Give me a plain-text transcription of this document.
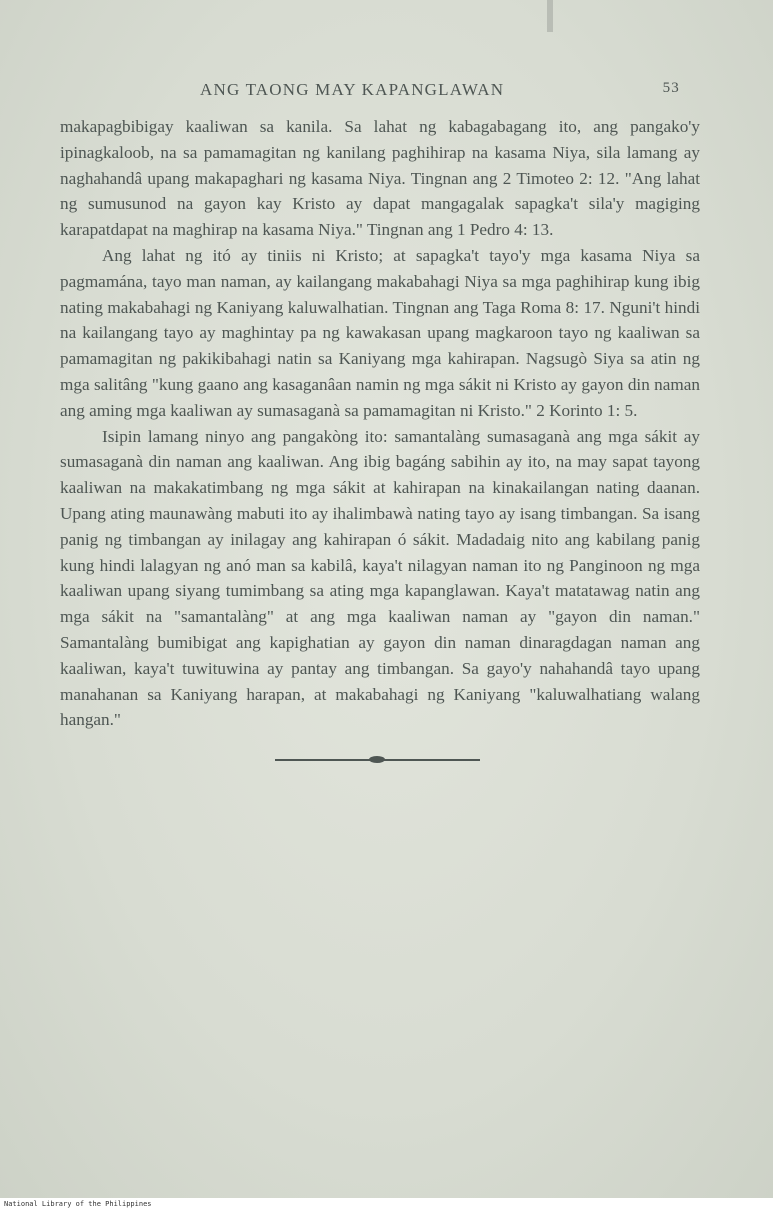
ANG TAONG MAY KAPANGLAWAN	53

makapagbibigay kaaliwan sa kanila. Sa lahat ng kabagabagang ito, ang pangako'y ipinagkaloob, na sa pamamagitan ng kanilang paghihirap na kasama Niya, sila lamang ay naghahandâ upang makapaghari ng kasama Niya. Tingnan ang 2 Timoteo 2: 12. "Ang lahat ng sumusunod na gayon kay Kristo ay dapat mangagalak sapagka't sila'y magiging karapatdapat na maghirap na kasama Niya." Tingnan ang 1 Pedro 4: 13.

Ang lahat ng itó ay tiniis ni Kristo; at sapagka't tayo'y mga kasama Niya sa pagmamána, tayo man naman, ay kailangang makabahagi Niya sa mga paghihirap kung ibig nating makabahagi ng Kaniyang kaluwalhatian. Tingnan ang Taga Roma 8: 17. Nguni't hindi na kailangang tayo ay maghintay pa ng kawakasan upang magkaroon tayo ng kaaliwan sa pamamagitan ng pakikibahagi natin sa Kaniyang mga kahirapan. Nagsugò Siya sa atin ng mga salitâng "kung gaano ang kasaganâan namin ng mga sákit ni Kristo ay gayon din naman ang aming mga kaaliwan ay sumasaganà sa pamamagitan ni Kristo." 2 Korinto 1: 5.

Isipin lamang ninyo ang pangakòng ito: samantalàng sumasaganà ang mga sákit ay sumasaganà din naman ang kaaliwan. Ang ibig bagáng sabihin ay ito, na may sapat tayong kaaliwan na makakatimbang ng mga sákit at kahirapan na kinakailangan nating daanan. Upang ating maunawàng mabuti ito ay ihalimbawà nating tayo ay isang timbangan. Sa isang panig ng timbangan ay inilagay ang kahirapan ó sákit. Madadaig nito ang kabilang panig kung hindi lalagyan ng anó man sa kabilâ, kaya't nilagyan naman ito ng Panginoon ng mga kaaliwan upang siyang tumimbang sa ating mga kapanglawan. Kaya't matatawag natin ang mga sákit na "samantalàng" at ang mga kaaliwan naman ay "gayon din naman." Samantalàng bumibigat ang kapighatian ay gayon din naman dinaragdagan naman ang kaaliwan, kaya't tuwituwina ay pantay ang timbangan. Sa gayo'y nahahandâ tayo upang manahanan sa Kaniyang harapan, at makabahagi ng Kaniyang "kaluwalhatiang walang hangan."

National Library of the Philippines
